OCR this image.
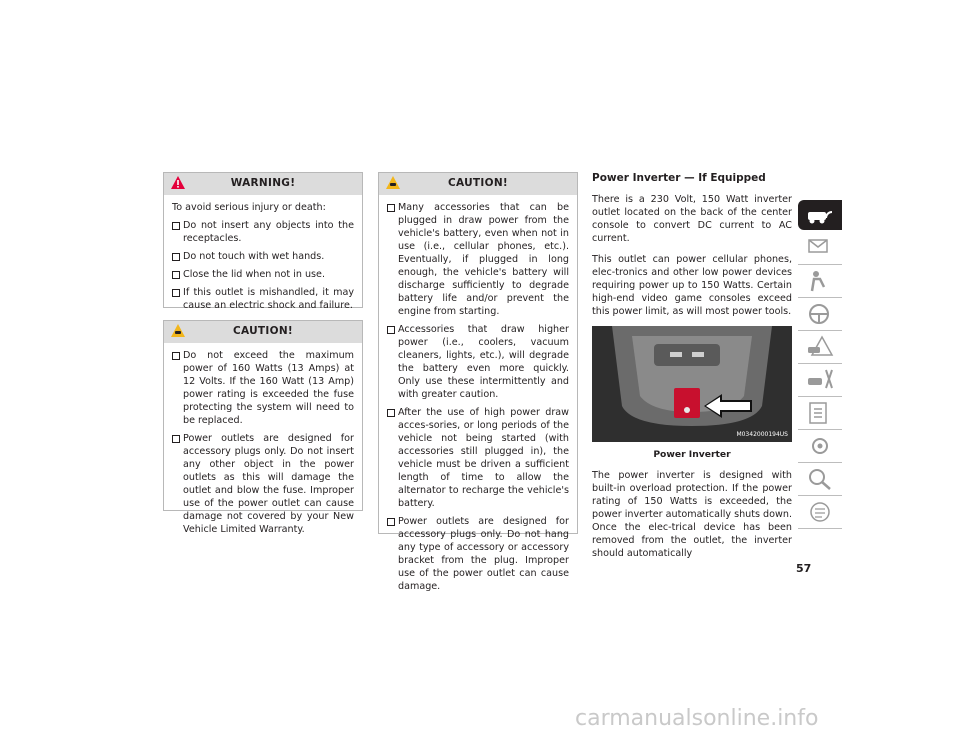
WARNING!

To avoid serious injury or death:

Do not insert any objects into the receptacles.
Do not touch with wet hands.
Close the lid when not in use.
If this outlet is mishandled, it may cause an electric shock and failure.
CAUTION!
Do not exceed the maximum power of 160 Watts (13 Amps) at 12 Volts. If the 160 Watt (13 Amp) power rating is exceeded the fuse protecting the system will need to be replaced.
Power outlets are designed for accessory plugs only. Do not insert any other object in the power outlets as this will damage the outlet and blow the fuse. Improper use of the power outlet can cause damage not covered by your New Vehicle Limited Warranty.
CAUTION!
Many accessories that can be plugged in draw power from the vehicle's battery, even when not in use (i.e., cellular phones, etc.). Eventually, if plugged in long enough, the vehicle's battery will discharge sufficiently to degrade battery life and/or prevent the engine from starting.
Accessories that draw higher power (i.e., coolers, vacuum cleaners, lights, etc.), will degrade the battery even more quickly. Only use these intermittently and with greater caution.
After the use of high power draw acces-sories, or long periods of the vehicle not being started (with accessories still plugged in), the vehicle must be driven a sufficient length of time to allow the alternator to recharge the vehicle's battery.
Power outlets are designed for accessory plugs only. Do not hang any type of accessory or accessory bracket from the plug. Improper use of the power outlet can cause damage.
Power Inverter — If Equipped

There is a 230 Volt, 150 Watt inverter outlet located on the back of the center console to convert DC current to AC current.

This outlet can power cellular phones, elec-tronics and other low power devices requiring power up to 150 Watts. Certain high-end video game consoles exceed this power limit, as will most power tools.

M0342000194US
Power Inverter

The power inverter is designed with built-in overload protection. If the power rating of 150 Watts is exceeded, the power inverter automatically shuts down. Once the elec-trical device has been removed from the outlet, the inverter should automatically

57
carmanualsonline.info
